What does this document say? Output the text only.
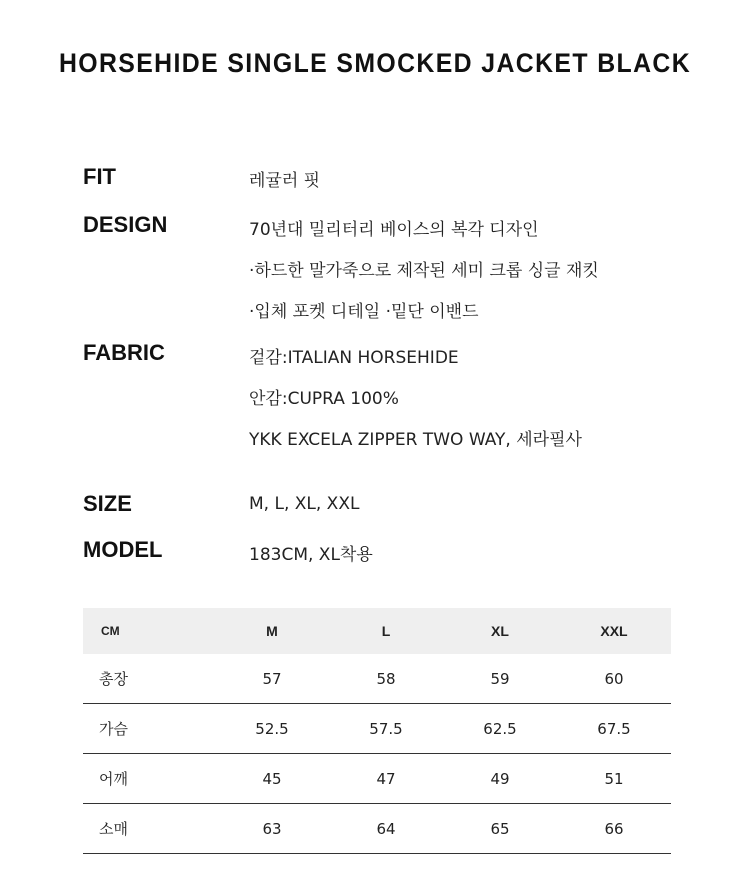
HORSEHIDE SINGLE SMOCKED JACKET BLACK
FIT	레귤러 핏
DESIGN	70년대 밀리터리 베이스의 복각 디자인
·하드한 말가죽으로 제작된 세미 크롭 싱글 재킷
·입체 포켓 디테일 ·밑단 이밴드
FABRIC	겉감:ITALIAN HORSEHIDE
안감:CUPRA 100%
YKK EXCELA ZIPPER TWO WAY, 세라필사
SIZE	M, L, XL, XXL
MODEL	183CM, XL착용
CM	M	L	XL	XXL
총장	57	58	59	60
가슴	52.5	57.5	62.5	67.5
어깨	45	47	49	51
소매	63	64	65	66
